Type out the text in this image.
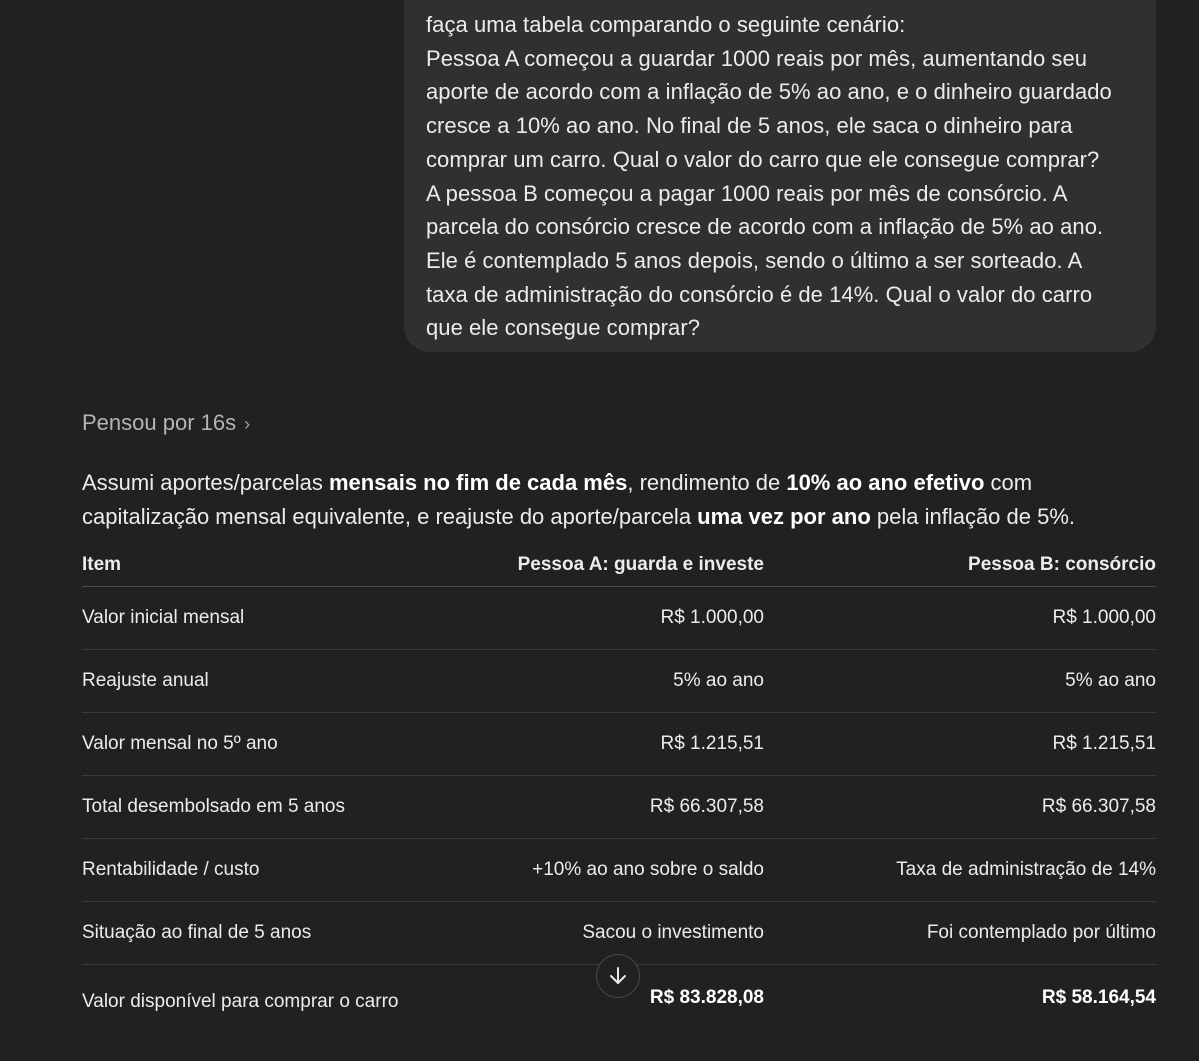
faça uma tabela comparando o seguinte cenário:

Pessoa A começou a guardar 1000 reais por mês, aumentando seu

aporte de acordo com a inflação de 5% ao ano, e o dinheiro guardado

cresce a 10% ao ano. No final de 5 anos, ele saca o dinheiro para

comprar um carro. Qual o valor do carro que ele consegue comprar?

A pessoa B começou a pagar 1000 reais por mês de consórcio. A

parcela do consórcio cresce de acordo com a inflação de 5% ao ano.

Ele é contemplado 5 anos depois, sendo o último a ser sorteado. A

taxa de administração do consórcio é de 14%. Qual o valor do carro

que ele consegue comprar?

Pensou por 16s ›

Assumi aportes/parcelas mensais no fim de cada mês, rendimento de 10% ao ano efetivo com capitalização mensal equivalente, e reajuste do aporte/parcela uma vez por ano pela inflação de 5%.

Item	Pessoa A: guarda e investe	Pessoa B: consórcio
Valor inicial mensal	R$ 1.000,00	R$ 1.000,00
Reajuste anual	5% ao ano	5% ao ano
Valor mensal no 5º ano	R$ 1.215,51	R$ 1.215,51
Total desembolsado em 5 anos	R$ 66.307,58	R$ 66.307,58
Rentabilidade / custo	+10% ao ano sobre o saldo	Taxa de administração de 14%
Situação ao final de 5 anos	Sacou o investimento	Foi contemplado por último
Valor disponível para comprar o carro	R$ 83.828,08	R$ 58.164,54
